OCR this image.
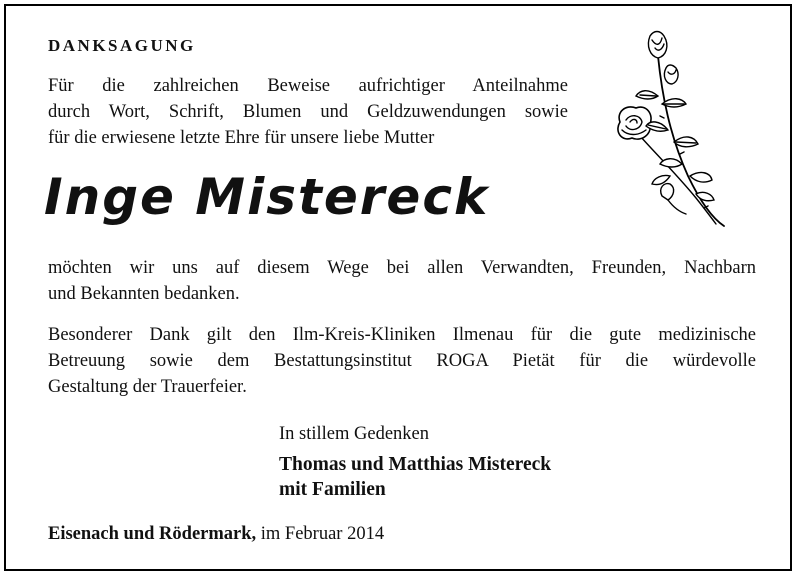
DANKSAGUNG
Für die zahlreichen Beweise aufrichtiger Anteilnahme
durch Wort, Schrift, Blumen und Geldzuwendungen sowie
für die erwiesene letzte Ehre für unsere liebe Mutter
Inge Mistereck
möchten wir uns auf diesem Wege bei allen Verwandten, Freunden, Nachbarn
und Bekannten bedanken.
Besonderer Dank gilt den Ilm-Kreis-Kliniken Ilmenau für die gute medizinische
Betreuung sowie dem Bestattungsinstitut ROGA Pietät für die würdevolle
Gestaltung der Trauerfeier.
In stillem Gedenken
Thomas und Matthias Mistereck
mit Familien
Eisenach und Rödermark, im Februar 2014
